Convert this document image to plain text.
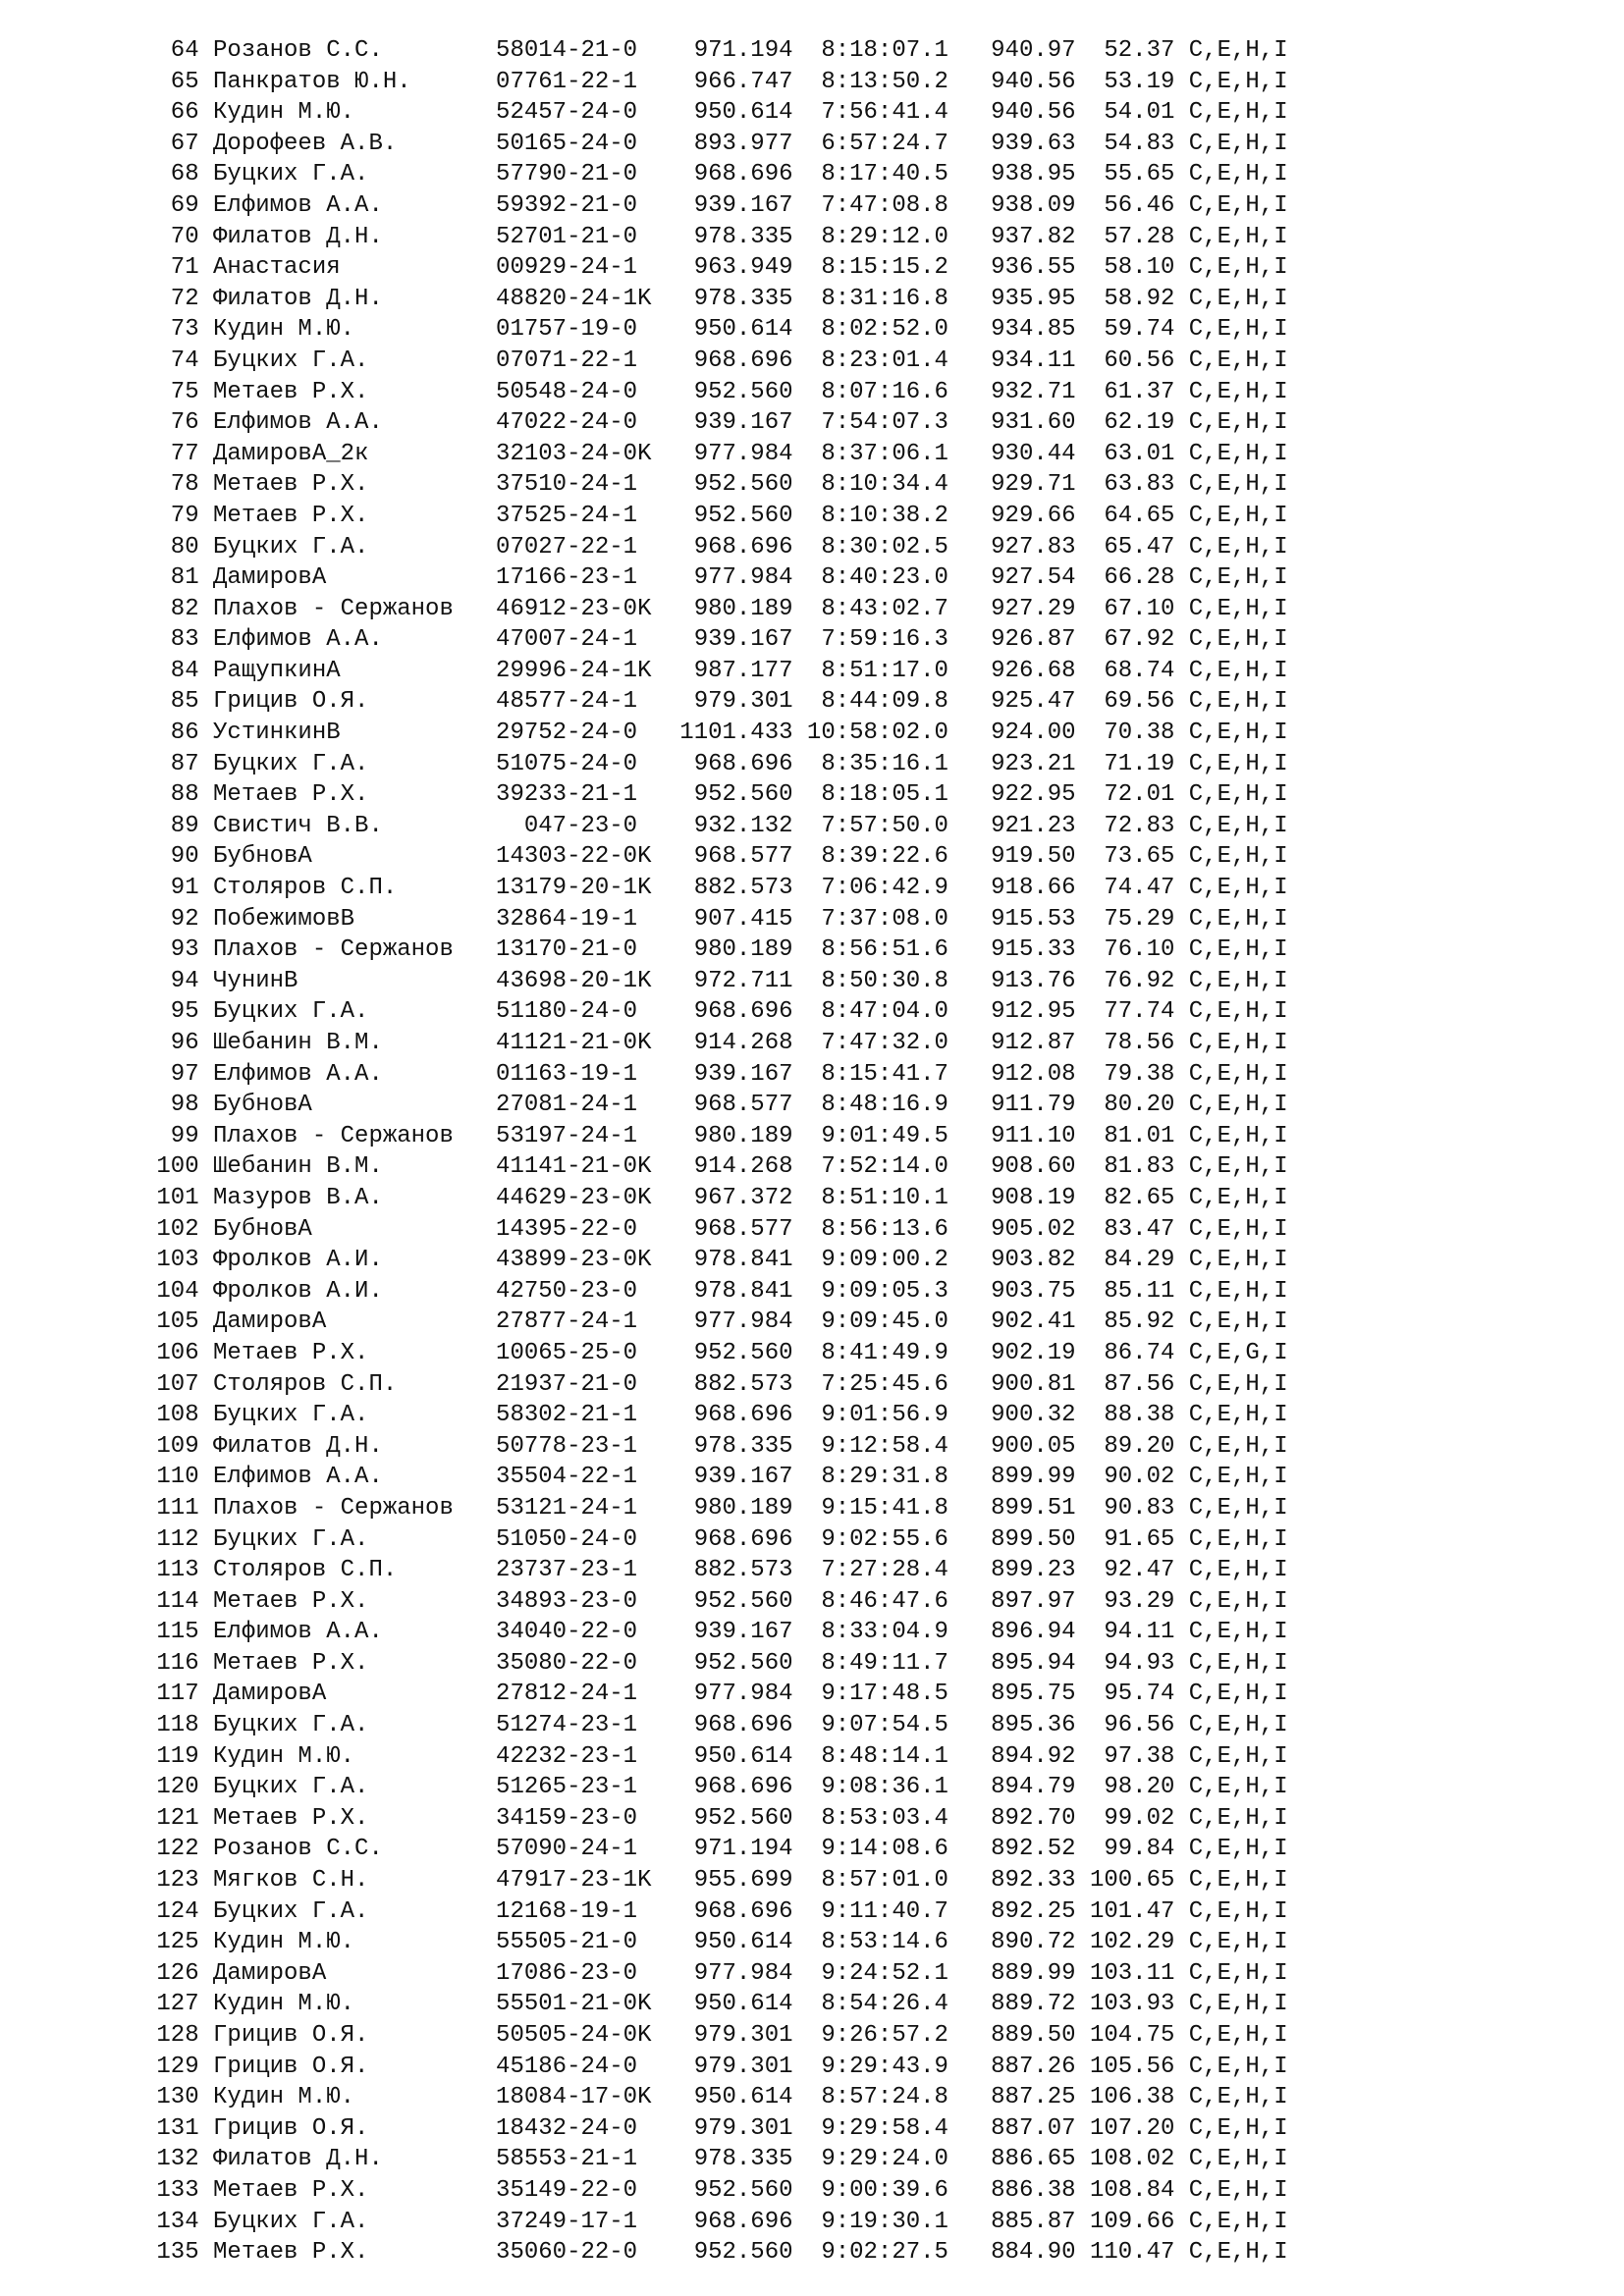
64 Розанов С.С.        58014-21-0    971.194  8:18:07.1   940.97  52.37 C,E,H,I
65 Панкратов Ю.Н.      07761-22-1    966.747  8:13:50.2   940.56  53.19 C,E,H,I
66 Кудин М.Ю.          52457-24-0    950.614  7:56:41.4   940.56  54.01 C,E,H,I
67 Дорофеев А.В.       50165-24-0    893.977  6:57:24.7   939.63  54.83 C,E,H,I
68 Буцких Г.А.         57790-21-0    968.696  8:17:40.5   938.95  55.65 C,E,H,I
69 Елфимов А.А.        59392-21-0    939.167  7:47:08.8   938.09  56.46 C,E,H,I
70 Филатов Д.Н.        52701-21-0    978.335  8:29:12.0   937.82  57.28 C,E,H,I
71 Анастасия           00929-24-1    963.949  8:15:15.2   936.55  58.10 C,E,H,I
72 Филатов Д.Н.        48820-24-1K   978.335  8:31:16.8   935.95  58.92 C,E,H,I
73 Кудин М.Ю.          01757-19-0    950.614  8:02:52.0   934.85  59.74 C,E,H,I
74 Буцких Г.А.         07071-22-1    968.696  8:23:01.4   934.11  60.56 C,E,H,I
75 Метаев Р.Х.         50548-24-0    952.560  8:07:16.6   932.71  61.37 C,E,H,I
76 Елфимов А.А.        47022-24-0    939.167  7:54:07.3   931.60  62.19 C,E,H,I
77 ДамировА_2к         32103-24-0K   977.984  8:37:06.1   930.44  63.01 C,E,H,I
78 Метаев Р.Х.         37510-24-1    952.560  8:10:34.4   929.71  63.83 C,E,H,I
79 Метаев Р.Х.         37525-24-1    952.560  8:10:38.2   929.66  64.65 C,E,H,I
80 Буцких Г.А.         07027-22-1    968.696  8:30:02.5   927.83  65.47 C,E,H,I
81 ДамировА            17166-23-1    977.984  8:40:23.0   927.54  66.28 C,E,H,I
82 Плахов - Сержанов   46912-23-0K   980.189  8:43:02.7   927.29  67.10 C,E,H,I
83 Елфимов А.А.        47007-24-1    939.167  7:59:16.3   926.87  67.92 C,E,H,I
84 РащупкинА           29996-24-1K   987.177  8:51:17.0   926.68  68.74 C,E,H,I
85 Грицив О.Я.         48577-24-1    979.301  8:44:09.8   925.47  69.56 C,E,H,I
86 УстинкинВ           29752-24-0   1101.433 10:58:02.0   924.00  70.38 C,E,H,I
87 Буцких Г.А.         51075-24-0    968.696  8:35:16.1   923.21  71.19 C,E,H,I
88 Метаев Р.Х.         39233-21-1    952.560  8:18:05.1   922.95  72.01 C,E,H,I
89 Свистич В.В.          047-23-0    932.132  7:57:50.0   921.23  72.83 C,E,H,I
90 БубновА             14303-22-0K   968.577  8:39:22.6   919.50  73.65 C,E,H,I
91 Столяров С.П.       13179-20-1K   882.573  7:06:42.9   918.66  74.47 C,E,H,I
92 ПобежимовВ          32864-19-1    907.415  7:37:08.0   915.53  75.29 C,E,H,I
93 Плахов - Сержанов   13170-21-0    980.189  8:56:51.6   915.33  76.10 C,E,H,I
94 ЧунинВ              43698-20-1K   972.711  8:50:30.8   913.76  76.92 C,E,H,I
95 Буцких Г.А.         51180-24-0    968.696  8:47:04.0   912.95  77.74 C,E,H,I
96 Шебанин В.М.        41121-21-0K   914.268  7:47:32.0   912.87  78.56 C,E,H,I
97 Елфимов А.А.        01163-19-1    939.167  8:15:41.7   912.08  79.38 C,E,H,I
98 БубновА             27081-24-1    968.577  8:48:16.9   911.79  80.20 C,E,H,I
99 Плахов - Сержанов   53197-24-1    980.189  9:01:49.5   911.10  81.01 C,E,H,I
100 Шебанин В.М.        41141-21-0K   914.268  7:52:14.0   908.60  81.83 C,E,H,I
101 Мазуров В.А.        44629-23-0K   967.372  8:51:10.1   908.19  82.65 C,E,H,I
102 БубновА             14395-22-0    968.577  8:56:13.6   905.02  83.47 C,E,H,I
103 Фролков А.И.        43899-23-0K   978.841  9:09:00.2   903.82  84.29 C,E,H,I
104 Фролков А.И.        42750-23-0    978.841  9:09:05.3   903.75  85.11 C,E,H,I
105 ДамировА            27877-24-1    977.984  9:09:45.0   902.41  85.92 C,E,H,I
106 Метаев Р.Х.         10065-25-0    952.560  8:41:49.9   902.19  86.74 C,E,G,I
107 Столяров С.П.       21937-21-0    882.573  7:25:45.6   900.81  87.56 C,E,H,I
108 Буцких Г.А.         58302-21-1    968.696  9:01:56.9   900.32  88.38 C,E,H,I
109 Филатов Д.Н.        50778-23-1    978.335  9:12:58.4   900.05  89.20 C,E,H,I
110 Елфимов А.А.        35504-22-1    939.167  8:29:31.8   899.99  90.02 C,E,H,I
111 Плахов - Сержанов   53121-24-1    980.189  9:15:41.8   899.51  90.83 C,E,H,I
112 Буцких Г.А.         51050-24-0    968.696  9:02:55.6   899.50  91.65 C,E,H,I
113 Столяров С.П.       23737-23-1    882.573  7:27:28.4   899.23  92.47 C,E,H,I
114 Метаев Р.Х.         34893-23-0    952.560  8:46:47.6   897.97  93.29 C,E,H,I
115 Елфимов А.А.        34040-22-0    939.167  8:33:04.9   896.94  94.11 C,E,H,I
116 Метаев Р.Х.         35080-22-0    952.560  8:49:11.7   895.94  94.93 C,E,H,I
117 ДамировА            27812-24-1    977.984  9:17:48.5   895.75  95.74 C,E,H,I
118 Буцких Г.А.         51274-23-1    968.696  9:07:54.5   895.36  96.56 C,E,H,I
119 Кудин М.Ю.          42232-23-1    950.614  8:48:14.1   894.92  97.38 C,E,H,I
120 Буцких Г.А.         51265-23-1    968.696  9:08:36.1   894.79  98.20 C,E,H,I
121 Метаев Р.Х.         34159-23-0    952.560  8:53:03.4   892.70  99.02 C,E,H,I
122 Розанов С.С.        57090-24-1    971.194  9:14:08.6   892.52  99.84 C,E,H,I
123 Мягков С.Н.         47917-23-1K   955.699  8:57:01.0   892.33 100.65 C,E,H,I
124 Буцких Г.А.         12168-19-1    968.696  9:11:40.7   892.25 101.47 C,E,H,I
125 Кудин М.Ю.          55505-21-0    950.614  8:53:14.6   890.72 102.29 C,E,H,I
126 ДамировА            17086-23-0    977.984  9:24:52.1   889.99 103.11 C,E,H,I
127 Кудин М.Ю.          55501-21-0K   950.614  8:54:26.4   889.72 103.93 C,E,H,I
128 Грицив О.Я.         50505-24-0K   979.301  9:26:57.2   889.50 104.75 C,E,H,I
129 Грицив О.Я.         45186-24-0    979.301  9:29:43.9   887.26 105.56 C,E,H,I
130 Кудин М.Ю.          18084-17-0K   950.614  8:57:24.8   887.25 106.38 C,E,H,I
131 Грицив О.Я.         18432-24-0    979.301  9:29:58.4   887.07 107.20 C,E,H,I
132 Филатов Д.Н.        58553-21-1    978.335  9:29:24.0   886.65 108.02 C,E,H,I
133 Метаев Р.Х.         35149-22-0    952.560  9:00:39.6   886.38 108.84 C,E,H,I
134 Буцких Г.А.         37249-17-1    968.696  9:19:30.1   885.87 109.66 C,E,H,I
135 Метаев Р.Х.         35060-22-0    952.560  9:02:27.5   884.90 110.47 C,E,H,I
